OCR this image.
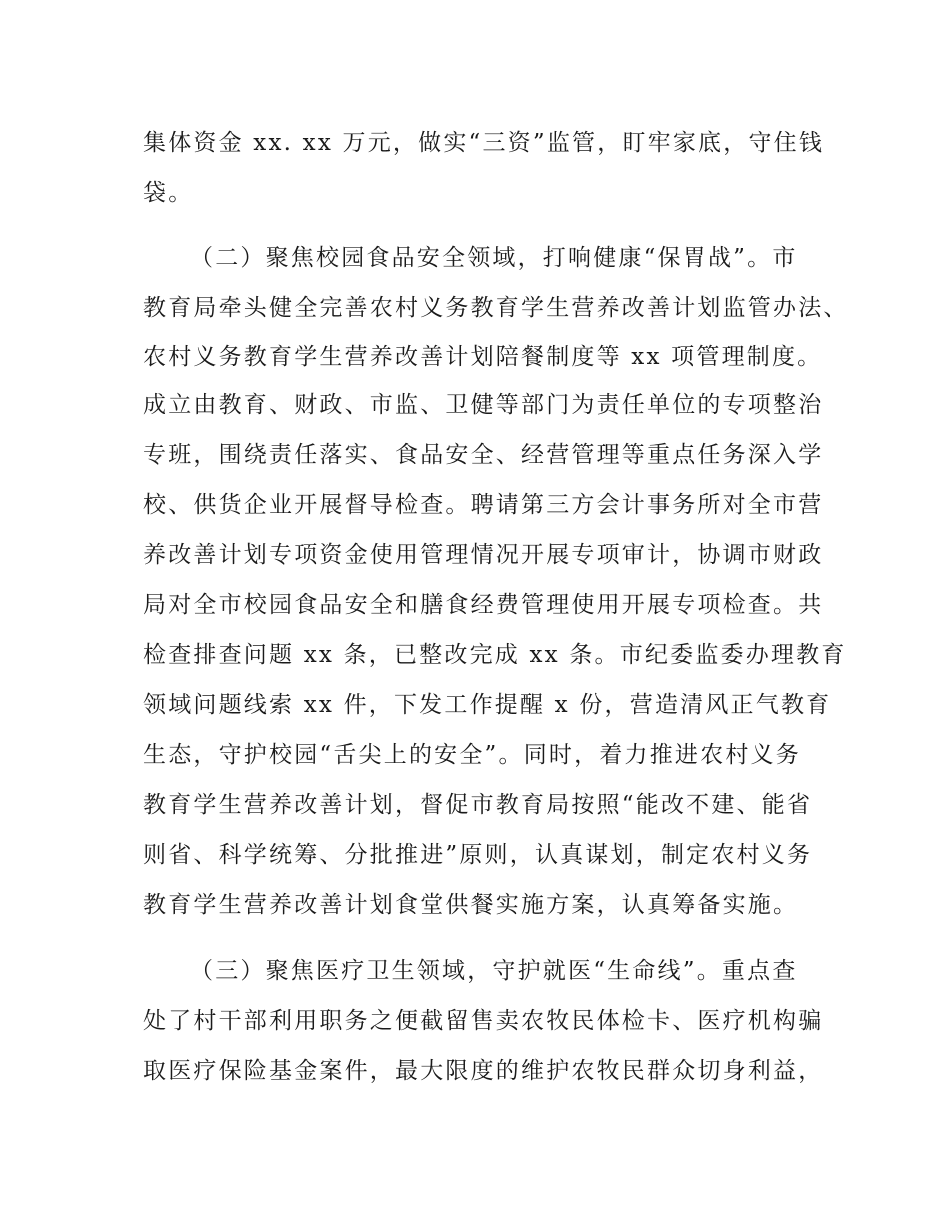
集体资金 xx. xx 万元，做实“三资”监管，盯牢家底，守住钱
袋。
（二）聚焦校园食品安全领域，打响健康“保胃战”。市
教育局牵头健全完善农村义务教育学生营养改善计划监管办法、
农村义务教育学生营养改善计划陪餐制度等 xx 项管理制度。
成立由教育、财政、市监、卫健等部门为责任单位的专项整治
专班，围绕责任落实、食品安全、经营管理等重点任务深入学
校、供货企业开展督导检查。聘请第三方会计事务所对全市营
养改善计划专项资金使用管理情况开展专项审计，协调市财政
局对全市校园食品安全和膳食经费管理使用开展专项检查。共
检查排查问题 xx 条，已整改完成 xx 条。市纪委监委办理教育
领域问题线索 xx 件，下发工作提醒 x 份，营造清风正气教育
生态，守护校园“舌尖上的安全”。同时，着力推进农村义务
教育学生营养改善计划，督促市教育局按照“能改不建、能省
则省、科学统筹、分批推进”原则，认真谋划，制定农村义务
教育学生营养改善计划食堂供餐实施方案，认真筹备实施。
（三）聚焦医疗卫生领域，守护就医“生命线”。重点查
处了村干部利用职务之便截留售卖农牧民体检卡、医疗机构骗
取医疗保险基金案件，最大限度的维护农牧民群众切身利益，
